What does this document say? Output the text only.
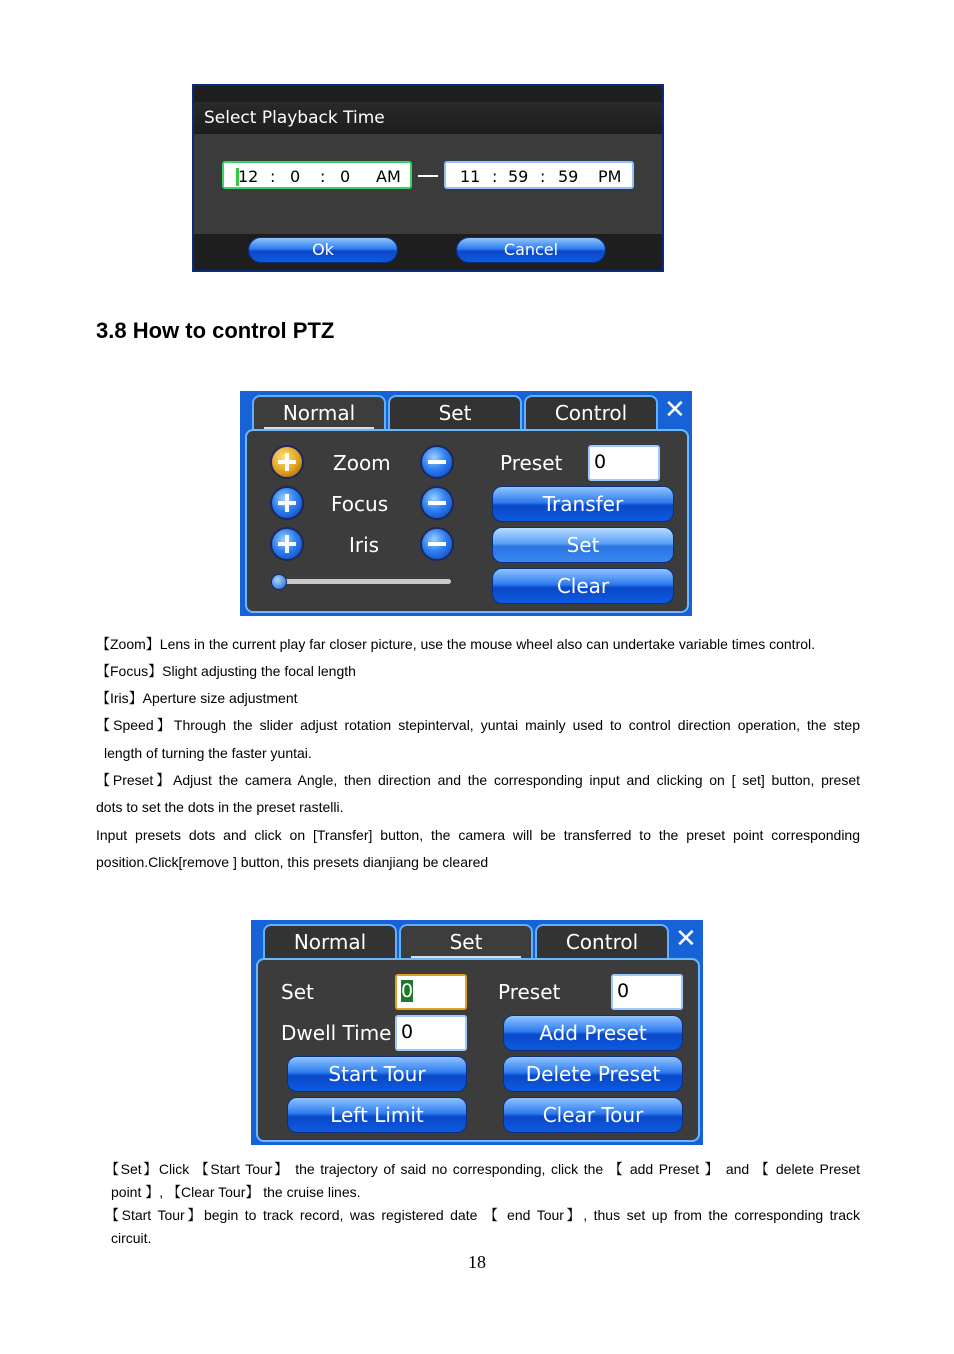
Select Playback Time
12 : 0 : 0 AM	11 : 59 : 59 PM
Ok	Cancel
3.8 How to control PTZ
Normal	Set	Control	✕
Zoom
Focus
Iris
Preset	0
Transfer
Set
Clear
【Zoom】Lens in the current play far closer picture, use the mouse wheel also can undertake variable times control.
【Focus】Slight adjusting the focal length
【Iris】Aperture size adjustment
【Speed】Through the slider adjust rotation stepinterval, yuntai mainly used to control direction operation, the step
length of turning the faster yuntai.
【Preset】Adjust the camera Angle, then direction and the corresponding input and clicking on [ set] button, preset
dots to set the dots in the preset rastelli.
Input presets dots and click on [Transfer] button, the camera will be transferred to the preset point corresponding
position.Click[remove ] button, this presets dianjiang be cleared
Normal	Set	Control	✕
Set	0
Dwell Time 0
Start Tour
Left Limit
Preset	0
Add Preset
Delete Preset
Clear Tour
【Set】Click 【Start Tour】 the trajectory of said no corresponding, click the 【 add Preset 】 and 【 delete Preset
point 】, 【Clear Tour】 the cruise lines.
【Start Tour】begin to track record, was registered date 【 end Tour】, thus set up from the corresponding track
circuit.
18
